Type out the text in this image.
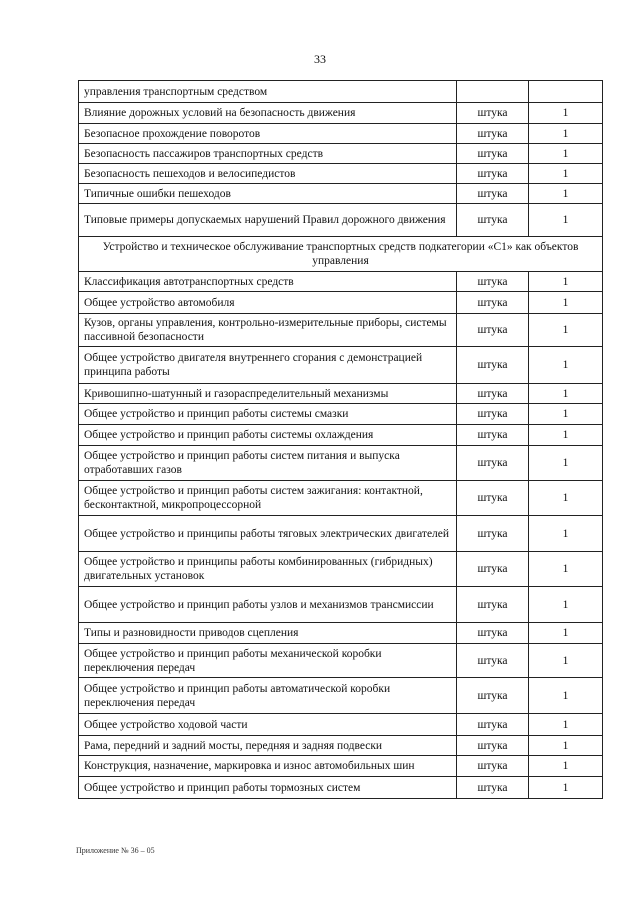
33
управления транспортным средством		
Влияние дорожных условий на безопасность движения	штука	1
Безопасное прохождение поворотов	штука	1
Безопасность пассажиров транспортных средств	штука	1
Безопасность пешеходов и велосипедистов	штука	1
Типичные ошибки пешеходов	штука	1
Типовые примеры допускаемых нарушений Правил дорожного движения	штука	1
Устройство и техническое обслуживание транспортных средств подкатегории «С1» как объектов управления		
Классификация автотранспортных средств	штука	1
Общее устройство автомобиля	штука	1
Кузов, органы управления, контрольно-измерительные приборы, системы пассивной безопасности	штука	1
Общее устройство двигателя внутреннего сгорания с демонстрацией принципа работы	штука	1
Кривошипно-шатунный и газораспределительный механизмы	штука	1
Общее устройство и принцип работы системы смазки	штука	1
Общее устройство и принцип работы системы охлаждения	штука	1
Общее устройство и принцип работы систем питания и выпуска отработавших газов	штука	1
Общее устройство и принцип работы систем зажигания: контактной, бесконтактной, микропроцессорной	штука	1
Общее устройство и принципы работы тяговых электрических двигателей	штука	1
Общее устройство и принципы работы комбинированных (гибридных) двигательных установок	штука	1
Общее устройство и принцип работы узлов и механизмов трансмиссии	штука	1
Типы и разновидности приводов сцепления	штука	1
Общее устройство и принцип работы механической коробки переключения передач	штука	1
Общее устройство и принцип работы автоматической коробки переключения передач	штука	1
Общее устройство ходовой части	штука	1
Рама, передний и задний мосты, передняя и задняя подвески	штука	1
Конструкция, назначение, маркировка и износ автомобильных шин	штука	1
Общее устройство и принцип работы тормозных систем	штука	1
Приложение № 36 – 05
